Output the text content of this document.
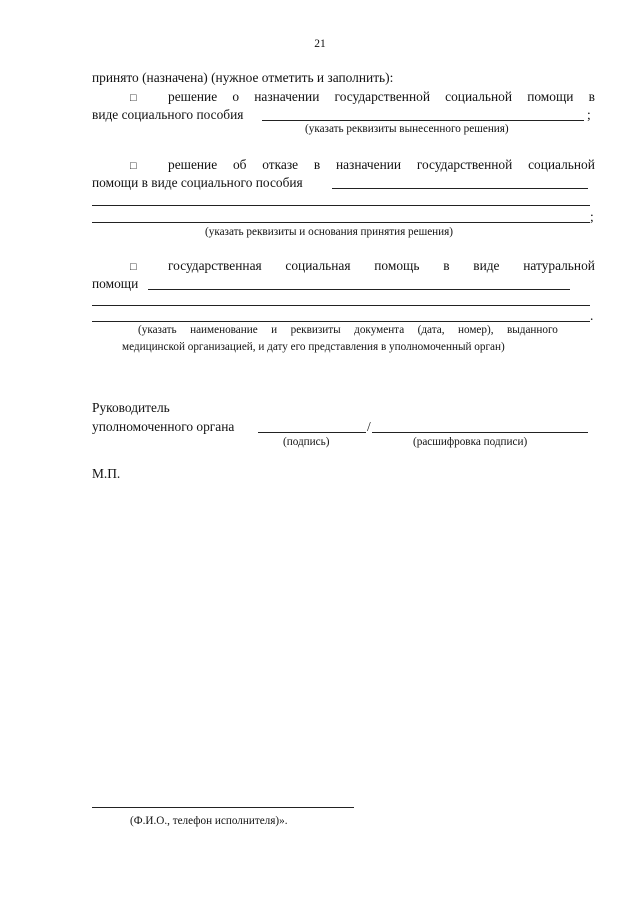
21
принято (назначена) (нужное отметить и заполнить):
□ решение о назначении государственной социальной помощи в
виде социального пособия	;
(указать реквизиты вынесенного решения)
□ решение об отказе в назначении государственной социальной
помощи в виде социального пособия
;
(указать реквизиты и основания принятия решения)
□ государственная социальная помощь в виде натуральной
помощи
.
(указать наименование и реквизиты документа (дата, номер), выданного
медицинской организацией, и дату его представления в уполномоченный орган)
Руководитель
уполномоченного органа	/
(подпись)	(расшифровка подписи)
М.П.
(Ф.И.О., телефон исполнителя)».
